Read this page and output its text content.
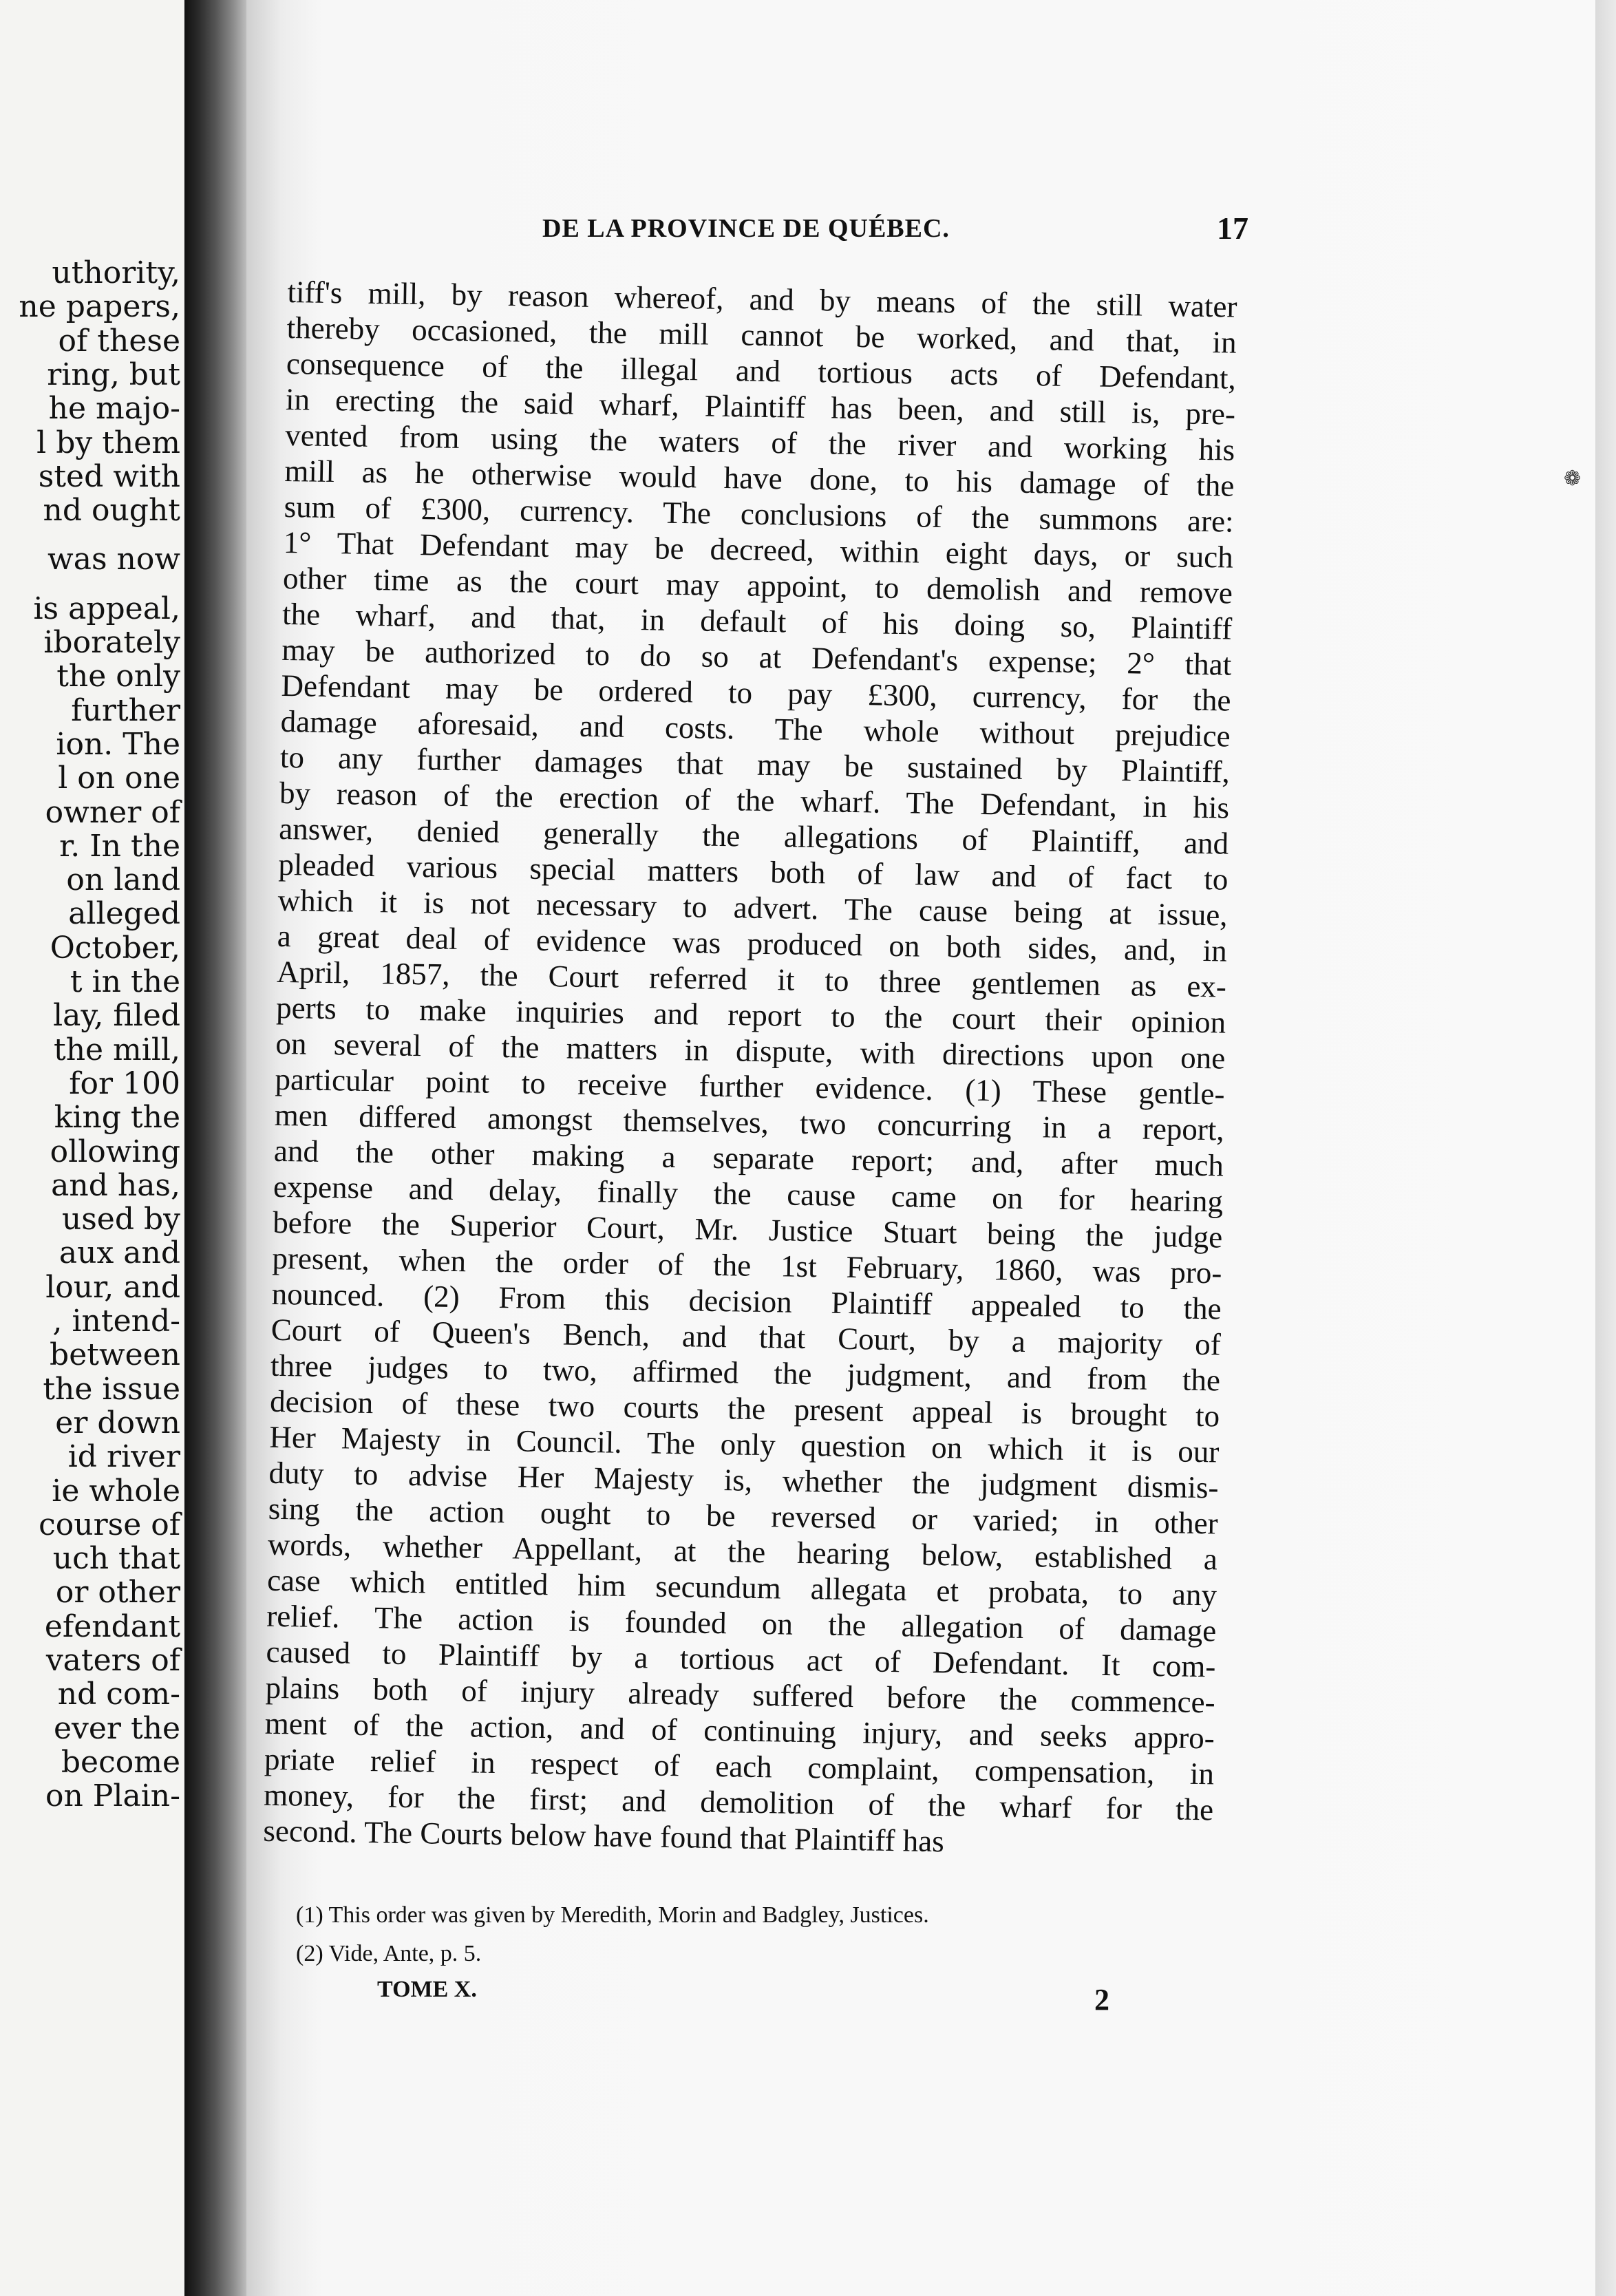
uthority,
ne papers,
of these
ring, but
he majo-
l by them
sted with
nd ought
was now
is appeal,
iborately
the only
further
ion. The
l on one
owner of
r. In the
on land
alleged
October,
t in the
lay, filed
the mill,
for 100
king the
ollowing
and has,
used by
aux and
lour, and
, intend-
between
the issue
er down
id river
ie whole
course of
uch that
or other
efendant
vaters of
nd com-
ever the
become
on Plain-
DE LA PROVINCE DE QUÉBEC.	17
tiff's mill, by reason whereof, and by means of the still water
thereby occasioned, the mill cannot be worked, and that, in
consequence of the illegal and tortious acts of Defendant,
in erecting the said wharf, Plaintiff has been, and still is, pre-
vented from using the waters of the river and working his
mill as he otherwise would have done, to his damage of the
sum of £300, currency. The conclusions of the summons are:
1° That Defendant may be decreed, within eight days, or such
other time as the court may appoint, to demolish and remove
the wharf, and that, in default of his doing so, Plaintiff
may be authorized to do so at Defendant's expense; 2° that
Defendant may be ordered to pay £300, currency, for the
damage aforesaid, and costs. The whole without prejudice
to any further damages that may be sustained by Plaintiff,
by reason of the erection of the wharf. The Defendant, in his
answer, denied generally the allegations of Plaintiff, and
pleaded various special matters both of law and of fact to
which it is not necessary to advert. The cause being at issue,
a great deal of evidence was produced on both sides, and, in
April, 1857, the Court referred it to three gentlemen as ex-
perts to make inquiries and report to the court their opinion
on several of the matters in dispute, with directions upon one
particular point to receive further evidence. (1) These gentle-
men differed amongst themselves, two concurring in a report,
and the other making a separate report; and, after much
expense and delay, finally the cause came on for hearing
before the Superior Court, Mr. Justice Stuart being the judge
present, when the order of the 1st February, 1860, was pro-
nounced. (2) From this decision Plaintiff appealed to the
Court of Queen's Bench, and that Court, by a majority of
three judges to two, affirmed the judgment, and from the
decision of these two courts the present appeal is brought to
Her Majesty in Council. The only question on which it is our
duty to advise Her Majesty is, whether the judgment dismis-
sing the action ought to be reversed or varied; in other
words, whether Appellant, at the hearing below, established a
case which entitled him secundum allegata et probata, to any
relief. The action is founded on the allegation of damage
caused to Plaintiff by a tortious act of Defendant. It com-
plains both of injury already suffered before the commence-
ment of the action, and of continuing injury, and seeks appro-
priate relief in respect of each complaint, compensation, in
money, for the first; and demolition of the wharf for the
second. The Courts below have found that Plaintiff has
(1) This order was given by Meredith, Morin and Badgley, Justices.
(2) Vide, Ante, p. 5.
TOME X.	2
❁
